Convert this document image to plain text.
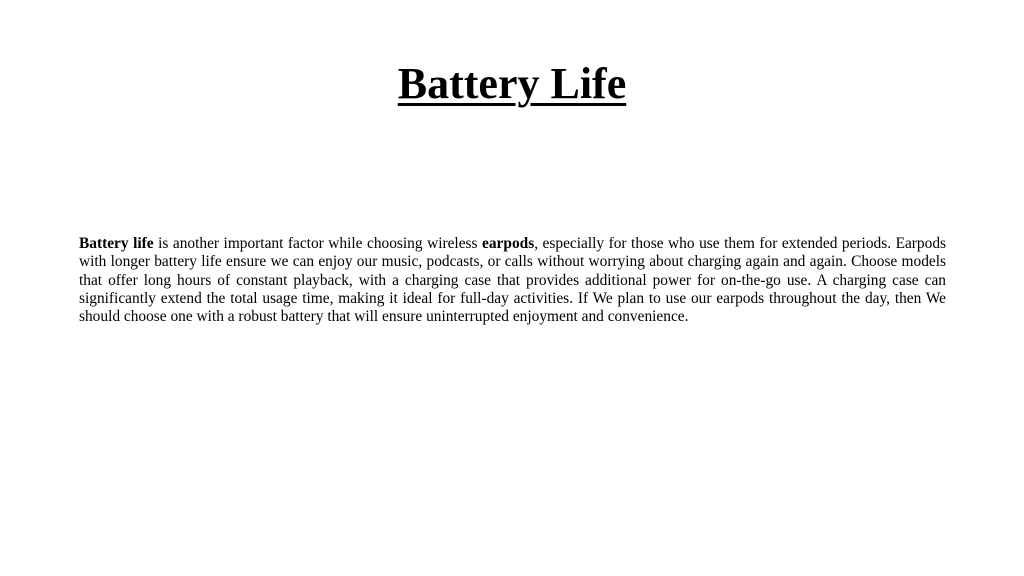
Battery Life

Battery life is another important factor while choosing wireless earpods, especially for those who use them for extended periods. Earpods with longer battery life ensure we can enjoy our music, podcasts, or calls without worrying about charging again and again. Choose models that offer long hours of constant playback, with a charging case that provides additional power for on-the-go use. A charging case can significantly extend the total usage time, making it ideal for full-day activities. If We plan to use our earpods throughout the day, then We should choose one with a robust battery that will ensure uninterrupted enjoyment and convenience.
